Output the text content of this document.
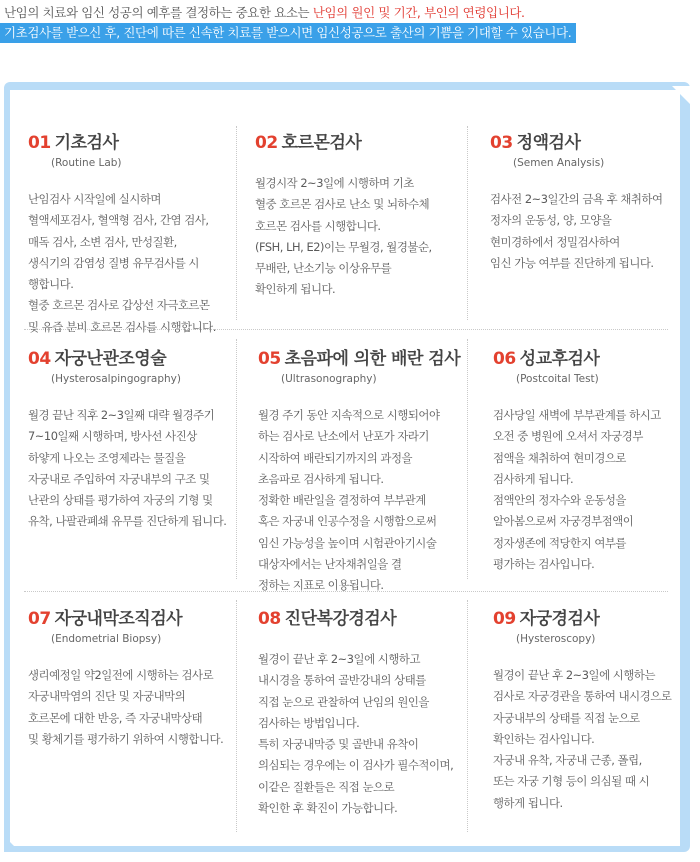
난임의 치료와 임신 성공의 예후를 결정하는 중요한 요소는 난임의 원인 및 기간, 부인의 연령입니다.
기초검사를 받으신 후, 진단에 따른 신속한 치료를 받으시면 임신성공으로 출산의 기쁨을 기대할 수 있습니다.
01 기초검사
(Routine Lab)
난임검사 시작일에 실시하며
혈액세포검사, 혈액형 검사, 간염 검사,
매독 검사, 소변 검사, 만성질환,
생식기의 감염성 질병 유무검사를 시
행합니다.
혈중 호르몬 검사로 갑상선 자극호르몬
및 유즙 분비 호르몬 검사를 시행합니다.
02 호르몬검사
월경시작 2~3일에 시행하며 기초
혈중 호르몬 검사로 난소 및 뇌하수체
호르몬 검사를 시행합니다.
(FSH, LH, E2)이는 무월경, 월경불순,
무배란, 난소기능 이상유무를
확인하게 됩니다.
03 정액검사
(Semen Analysis)
검사전 2~3일간의 금욕 후 채취하여
정자의 운동성, 양, 모양을
현미경하에서 정밀검사하여
임신 가능 여부를 진단하게 됩니다.
04 자궁난관조영술
(Hysterosalpingography)
월경 끝난 직후 2~3일째 대략 월경주기
7~10일째 시행하며, 방사선 사진상
하얗게 나오는 조영제라는 물질을
자궁내로 주입하여 자궁내부의 구조 및
난관의 상태를 평가하여 자궁의 기형 및
유착, 나팔관폐쇄 유무를 진단하게 됩니다.
05 초음파에 의한 배란 검사
(Ultrasonography)
월경 주기 동안 지속적으로 시행되어야
하는 검사로 난소에서 난포가 자라기
시작하여 배란되기까지의 과정을
초음파로 검사하게 됩니다.
정확한 배란일을 결정하여 부부관계
혹은 자궁내 인공수정을 시행함으로써
임신 가능성을 높이며 시험관아기시술
대상자에서는 난자채취일을 결
정하는 지표로 이용됩니다.
06 성교후검사
(Postcoital Test)
검사당일 새벽에 부부관계를 하시고
오전 중 병원에 오셔서 자궁경부
점액을 채취하여 현미경으로
검사하게 됩니다.
점액안의 정자수와 운동성을
알아봄으로써 자궁경부점액이
정자생존에 적당한지 여부를
평가하는 검사입니다.
07 자궁내막조직검사
(Endometrial Biopsy)
생리예정일 약2일전에 시행하는 검사로
자궁내막염의 진단 및 자궁내막의
호르몬에 대한 반응, 즉 자궁내막상태
및 황체기를 평가하기 위하여 시행합니다.
08 진단복강경검사
월경이 끝난 후 2~3일에 시행하고
내시경을 통하여 골반강내의 상태를
직접 눈으로 관찰하여 난임의 원인을
검사하는 방법입니다.
특히 자궁내막증 및 골반내 유착이
의심되는 경우에는 이 검사가 필수적이며,
이같은 질환들은 직접 눈으로
확인한 후 확진이 가능합니다.
09 자궁경검사
(Hysteroscopy)
월경이 끝난 후 2~3일에 시행하는
검사로 자궁경관을 통하여 내시경으로
자궁내부의 상태를 직접 눈으로
확인하는 검사입니다.
자궁내 유착, 자궁내 근종, 폴립,
또는 자궁 기형 등이 의심될 때 시
행하게 됩니다.
